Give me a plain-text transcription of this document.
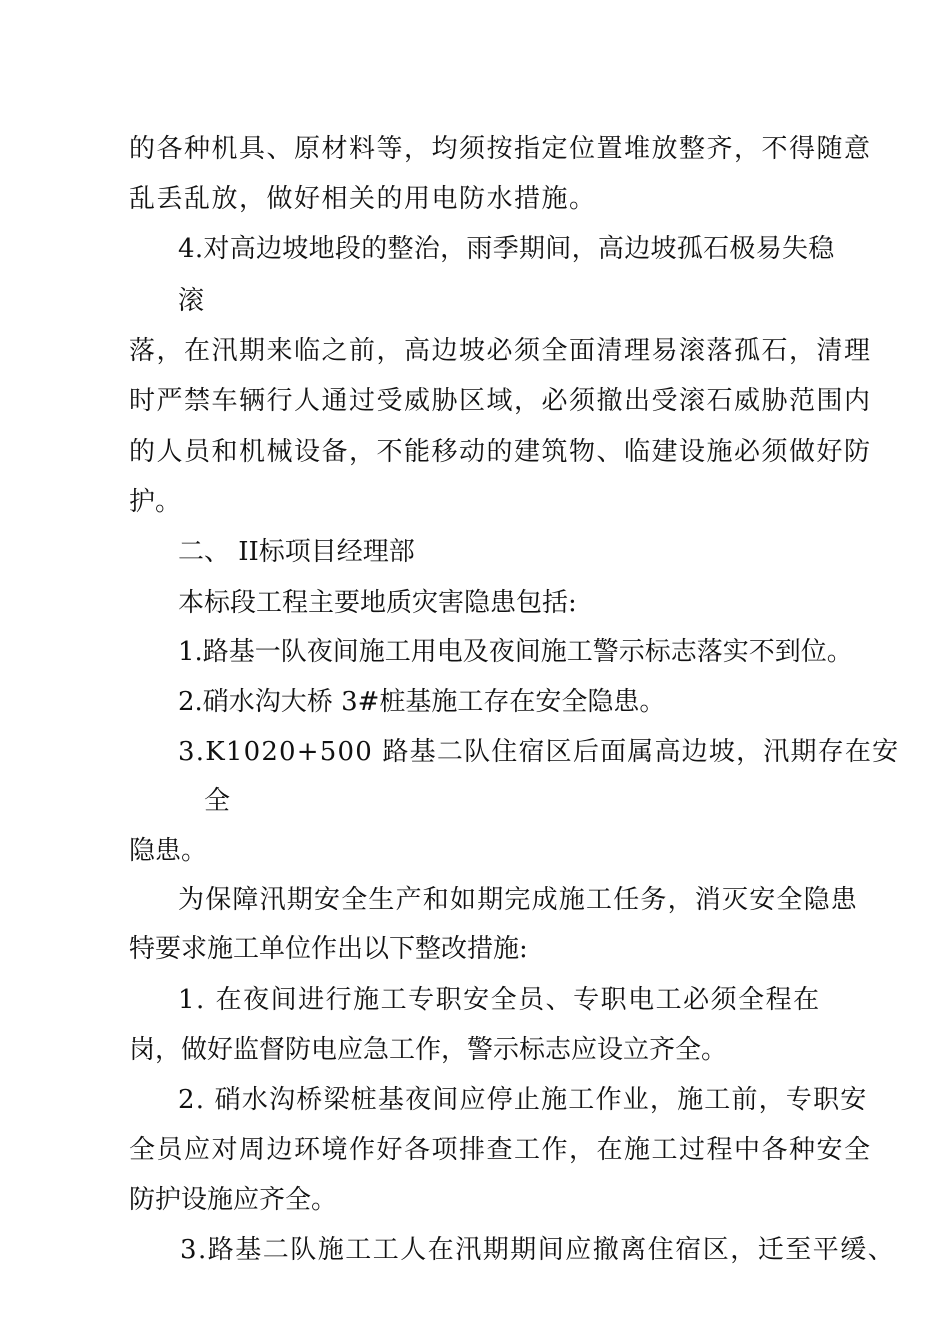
的各种机具、原材料等，均须按指定位置堆放整齐，不得随意
乱丢乱放，做好相关的用电防水措施。
4.对高边坡地段的整治，雨季期间，高边坡孤石极易失稳
滚
落，在汛期来临之前，高边坡必须全面清理易滚落孤石，清理
时严禁车辆行人通过受威胁区域，必须撤出受滚石威胁范围内
的人员和机械设备，不能移动的建筑物、临建设施必须做好防
护。
二、 II标项目经理部
本标段工程主要地质灾害隐患包括:
1.路基一队夜间施工用电及夜间施工警示标志落实不到位。
2.硝水沟大桥 3#桩基施工存在安全隐患。
3.K1020+500 路基二队住宿区后面属高边坡，汛期存在安
全
隐患。
为保障汛期安全生产和如期完成施工任务，消灭安全隐患
特要求施工单位作出以下整改措施:
1. 在夜间进行施工专职安全员、专职电工必须全程在
岗，做好监督防电应急工作，警示标志应设立齐全。
2. 硝水沟桥梁桩基夜间应停止施工作业，施工前，专职安
全员应对周边环境作好各项排查工作，在施工过程中各种安全
防护设施应齐全。
3.路基二队施工工人在汛期期间应撤离住宿区，迁至平缓、
